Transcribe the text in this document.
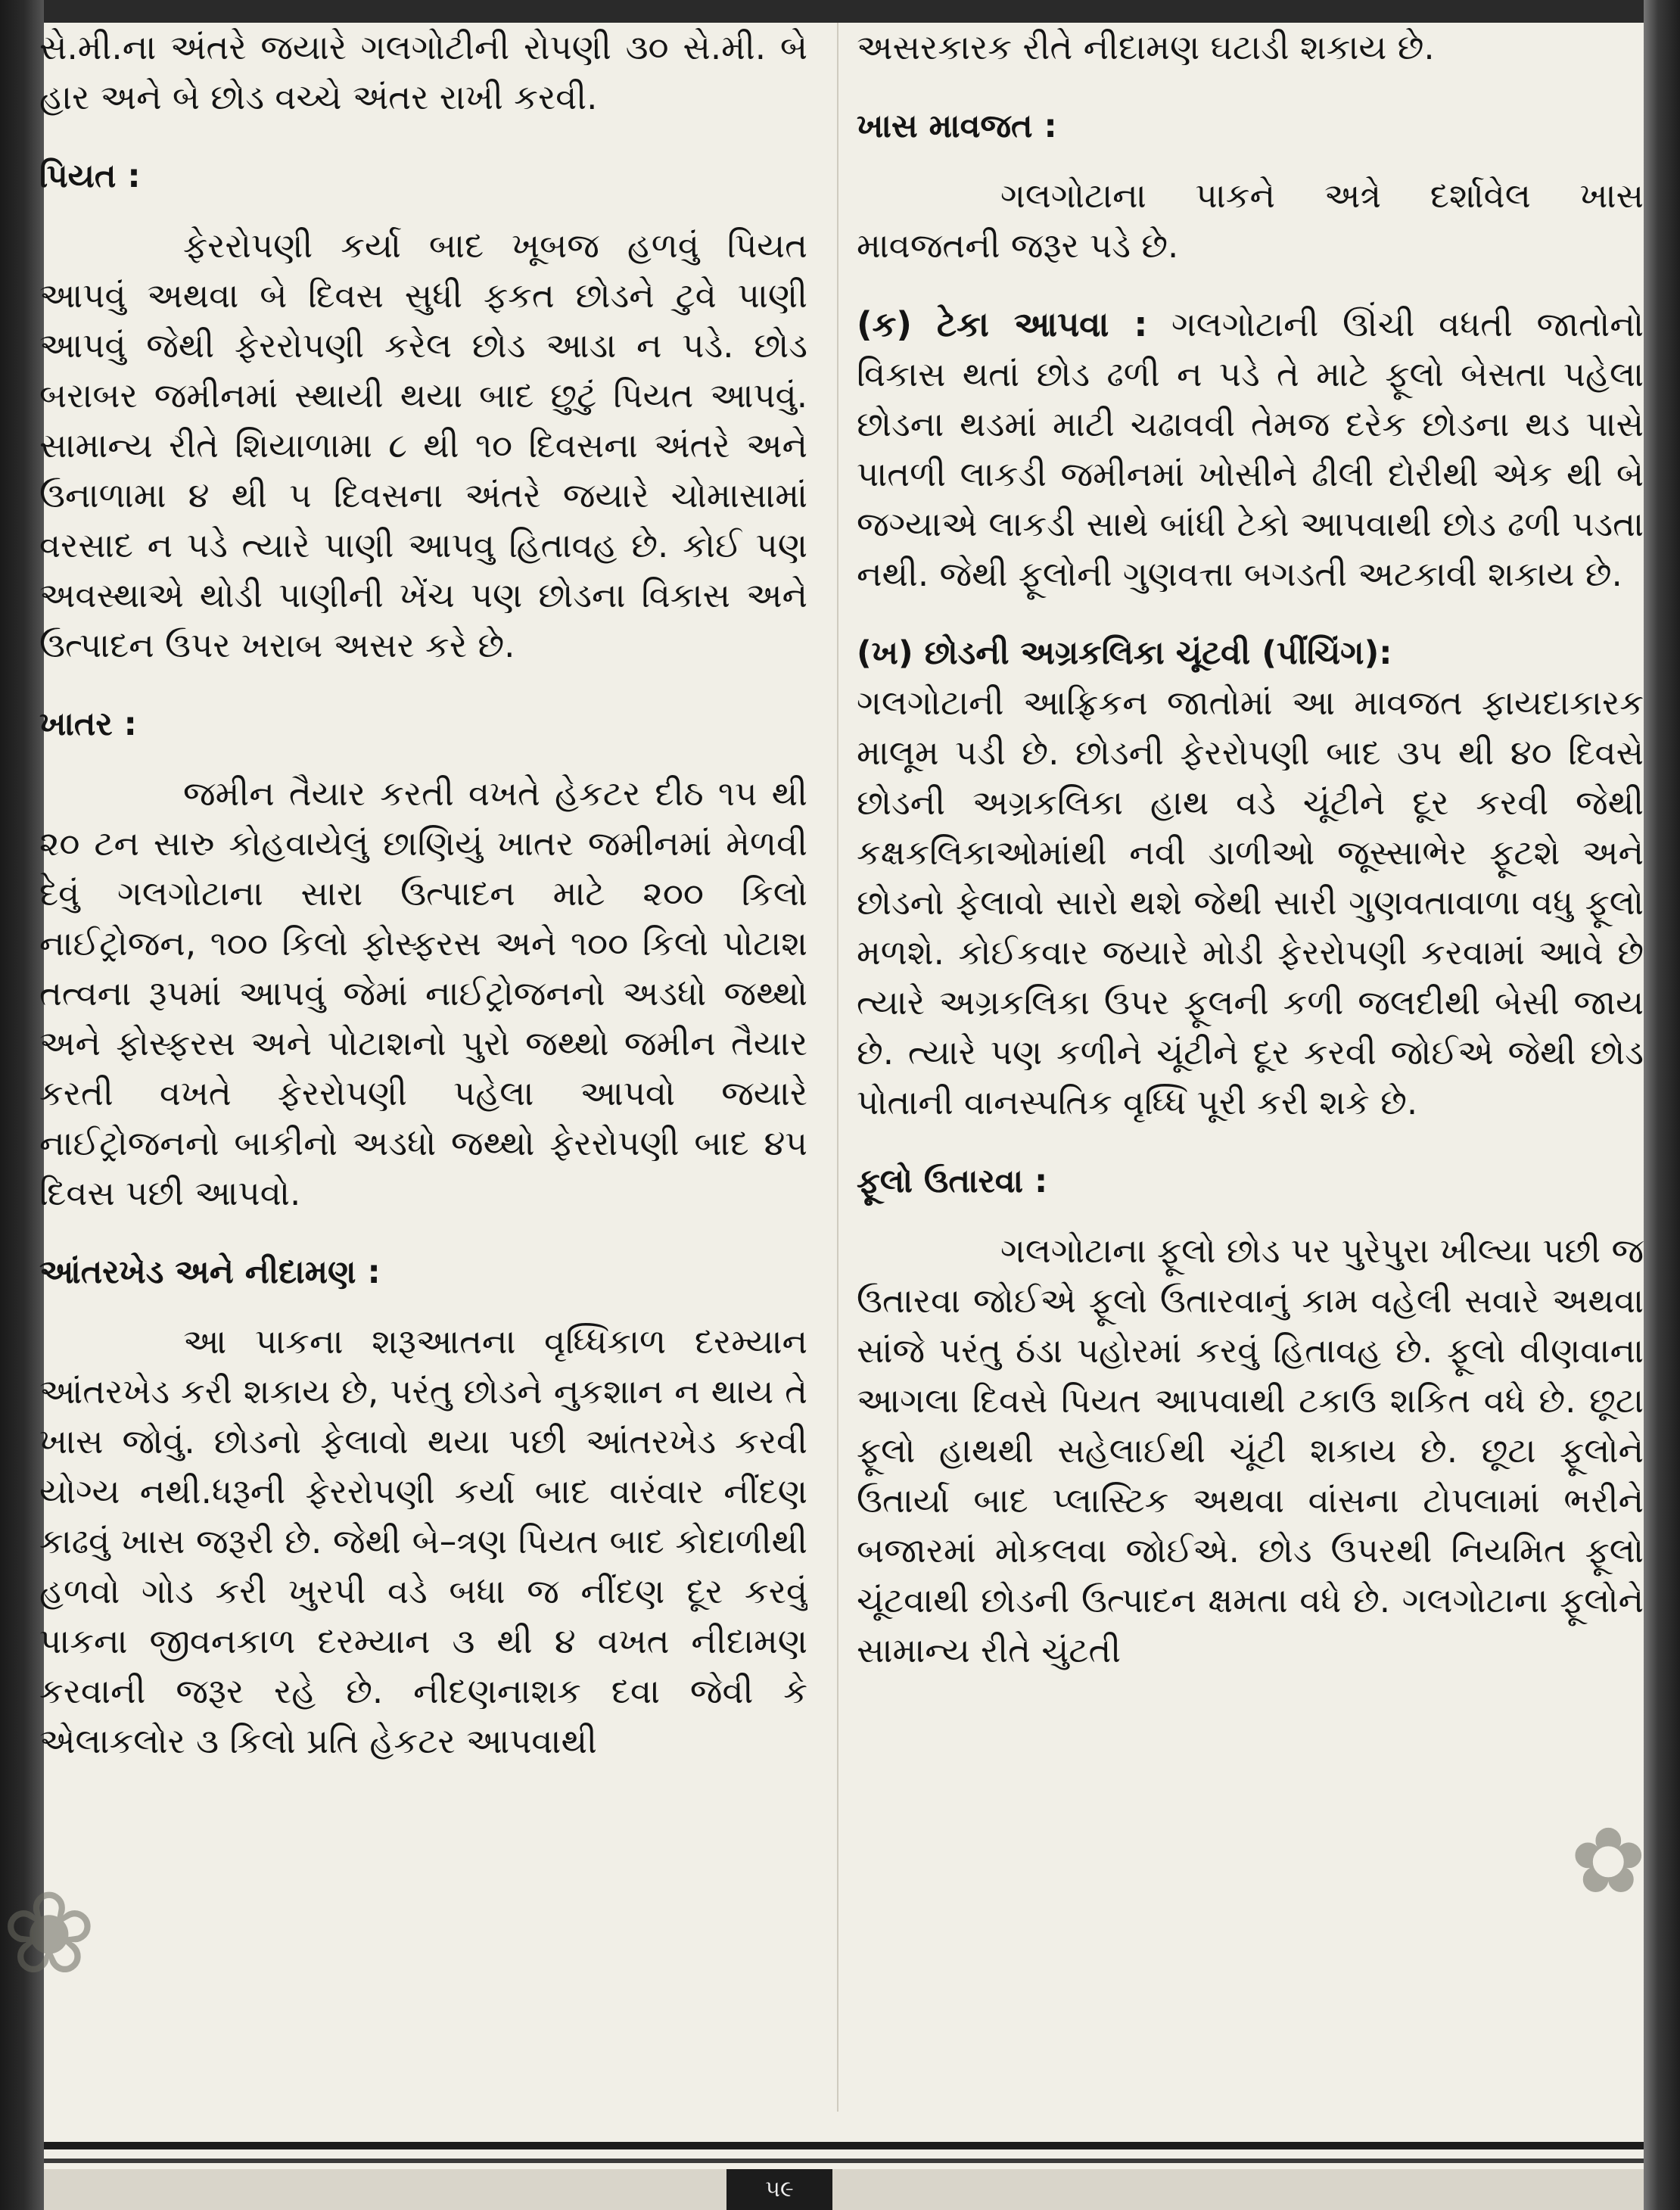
❀
✿

સે.મી.ના અંતરે જયારે ગલગોટીની રોપણી ૩૦ સે.મી. બે હાર અને બે છોડ વચ્ચે અંતર રાખી કરવી.

પિયત :

ફેરરોપણી કર્યા બાદ ખૂબજ હળવું પિયત આપવું અથવા બે દિવસ સુધી ફકત છોડને ટુવે પાણી આપવું જેથી ફેરરોપણી કરેલ છોડ આડા ન પડે. છોડ બરાબર જમીનમાં સ્થાયી થયા બાદ છુટું પિયત આપવું. સામાન્ય રીતે શિયાળામા ૮ થી ૧૦ દિવસના અંતરે અને ઉનાળામા ૪ થી ૫ દિવસના અંતરે જયારે ચોમાસામાં વરસાદ ન પડે ત્યારે પાણી આપવુ હિતાવહ છે. કોઈ પણ અવસ્થાએ થોડી પાણીની ખેંચ પણ છોડના વિકાસ અને ઉત્પાદન ઉપર ખરાબ અસર કરે છે.

ખાતર :

જમીન તૈયાર કરતી વખતે હેકટર દીઠ ૧૫ થી ૨૦ ટન સારુ કોહવાયેલું છાણિયું ખાતર જમીનમાં મેળવી દેવું ગલગોટાના સારા ઉત્પાદન માટે ૨૦૦ કિલો નાઈટ્રોજન, ૧૦૦ કિલો ફોસ્ફરસ અને ૧૦૦ કિલો પોટાશ તત્વના રૂપમાં આપવું જેમાં નાઈટ્રોજનનો અડધો જથ્થો અને ફોસ્ફરસ અને પોટાશનો પુરો જથ્થો જમીન તૈયાર કરતી વખતે ફેરરોપણી પહેલા આપવો જયારે નાઈટ્રોજનનો બાકીનો અડધો જથ્થો ફેરરોપણી બાદ ૪૫ દિવસ પછી આપવો.

આંતરખેડ અને નીદામણ :

આ પાકના શરૂઆતના વૃધ્ધિકાળ દરમ્યાન આંતરખેડ કરી શકાય છે, પરંતુ છોડને નુકશાન ન થાય તે ખાસ જોવું. છોડનો ફેલાવો થયા પછી આંતરખેડ કરવી યોગ્ય નથી.ધરૂની ફેરરોપણી કર્યા બાદ વારંવાર નીંદણ કાઢવું ખાસ જરૂરી છે. જેથી બે–ત્રણ પિયત બાદ કોદાળીથી હળવો ગોડ કરી ખુરપી વડે બધા જ નીંદણ દૂર કરવું પાકના જીવનકાળ દરમ્યાન ૩ થી ૪ વખત નીદામણ કરવાની જરૂર રહે છે. નીદણનાશક દવા જેવી કે એલાકલોર ૩ કિલો પ્રતિ હેકટર આપવાથી

અસરકારક રીતે નીદામણ ઘટાડી શકાય છે.

ખાસ માવજત :

ગલગોટાના પાકને અત્રે દર્શાવેલ ખાસ માવજતની જરૂર પડે છે.

(ક) ટેકા આપવા : ગલગોટાની ઊંચી વધતી જાતોનો વિકાસ થતાં છોડ ઢળી ન પડે તે માટે ફૂલો બેસતા પહેલા છોડના થડમાં માટી ચઢાવવી તેમજ દરેક છોડના થડ પાસે પાતળી લાકડી જમીનમાં ખોસીને ઢીલી દોરીથી એક થી બે જગ્યાએ લાકડી સાથે બાંધી ટેકો આપવાથી છોડ ઢળી પડતા નથી. જેથી ફૂલોની ગુણવત્તા બગડતી અટકાવી શકાય છે.

(ખ) છોડની અગ્રકલિકા ચૂંટવી (પીંચિંગ):

ગલગોટાની આફ્રિકન જાતોમાં આ માવજત ફાયદાકારક માલૂમ પડી છે. છોડની ફેરરોપણી બાદ ૩૫ થી ૪૦ દિવસે છોડની અગ્રકલિકા હાથ વડે ચૂંટીને દૂર કરવી જેથી કક્ષકલિકાઓમાંથી નવી ડાળીઓ જૂસ્સાભેર ફૂટશે અને છોડનો ફેલાવો સારો થશે જેથી સારી ગુણવતાવાળા વધુ ફૂલો મળશે. કોઈકવાર જયારે મોડી ફેરરોપણી કરવામાં આવે છે ત્યારે અગ્રકલિકા ઉપર ફૂલની કળી જલદીથી બેસી જાય છે. ત્યારે પણ કળીને ચૂંટીને દૂર કરવી જોઈએ જેથી છોડ પોતાની વાનસ્પતિક વૃધ્ધિ પૂરી કરી શકે છે.

ફૂલો ઉતારવા :

ગલગોટાના ફૂલો છોડ પર પુરેપુરા ખીલ્યા પછી જ ઉતારવા જોઈએ ફૂલો ઉતારવાનું કામ વહેલી સવારે અથવા સાંજે પરંતુ ઠંડા પહોરમાં કરવું હિતાવહ છે. ફૂલો વીણવાના આગલા દિવસે પિયત આપવાથી ટકાઉ શકિત વધે છે. છૂટા ફૂલો હાથથી સહેલાઈથી ચૂંટી શકાય છે. છૂટા ફૂલોને ઉતાર્યા બાદ પ્લાસ્ટિક અથવા વાંસના ટોપલામાં ભરીને બજારમાં મોકલવા જોઈએ. છોડ ઉપરથી નિયમિત ફૂલો ચૂંટવાથી છોડની ઉત્પાદન ક્ષમતા વધે છે. ગલગોટાના ફૂલોને સામાન્ય રીતે ચુંટતી

૫૯
